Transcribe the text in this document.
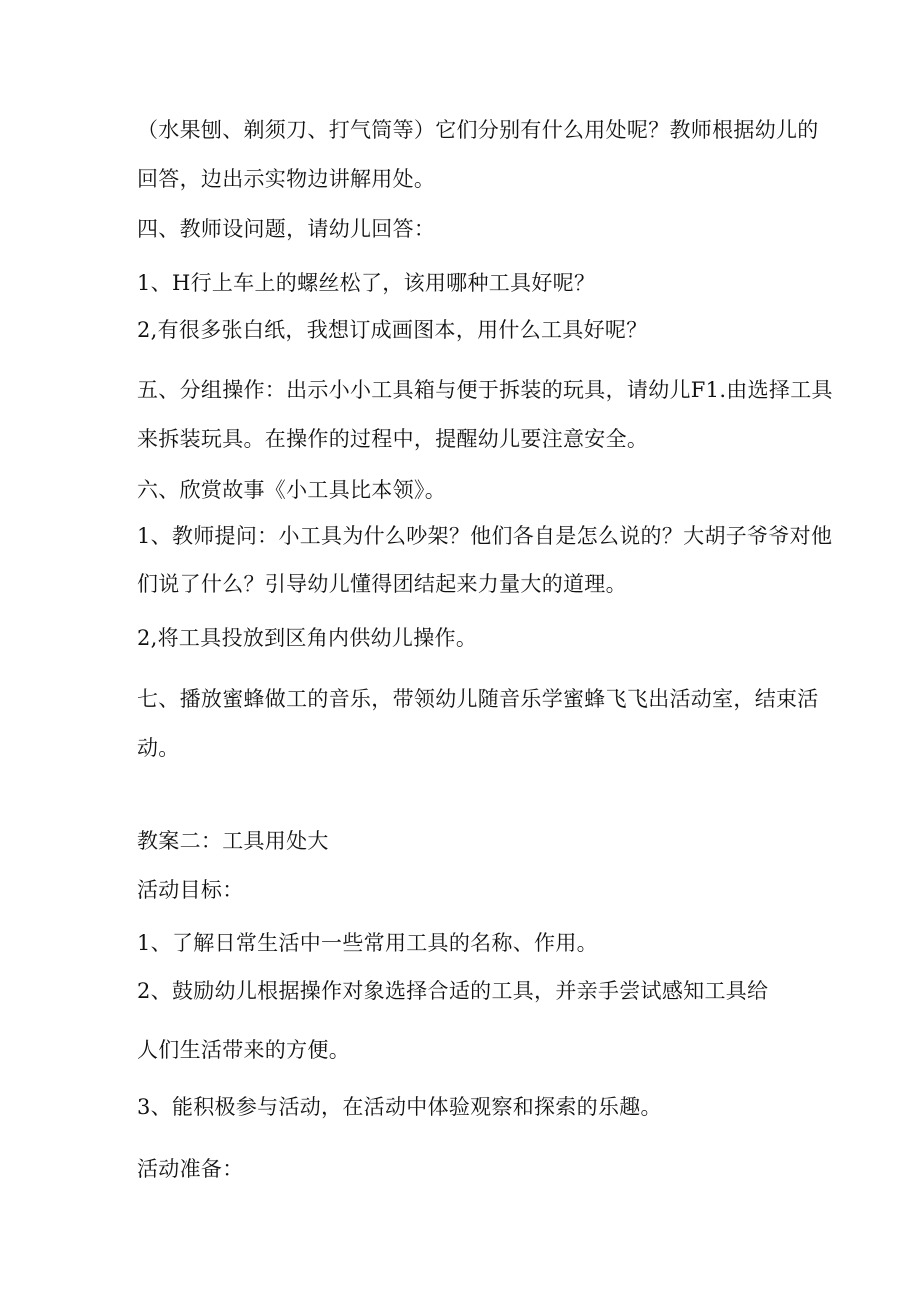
（水果刨、剃须刀、打气筒等）它们分别有什么用处呢？教师根据幼儿的
回答，边出示实物边讲解用处。
四、教师设问题，请幼儿回答：
1、H行上车上的螺丝松了，该用哪种工具好呢？
2,有很多张白纸，我想订成画图本，用什么工具好呢？
五、分组操作：出示小小工具箱与便于拆装的玩具，请幼儿F1.由选择工具
来拆装玩具。在操作的过程中，提醒幼儿要注意安全。
六、欣赏故事《小工具比本领》。
1、教师提问：小工具为什么吵架？他们各自是怎么说的？大胡子爷爷对他
们说了什么？引导幼儿懂得团结起来力量大的道理。
2,将工具投放到区角内供幼儿操作。
七、播放蜜蜂做工的音乐，带领幼儿随音乐学蜜蜂飞飞出活动室，结束活
动。
教案二：工具用处大
活动目标：
1、了解日常生活中一些常用工具的名称、作用。
2、鼓励幼儿根据操作对象选择合适的工具，并亲手尝试感知工具给
人们生活带来的方便。
3、能积极参与活动，在活动中体验观察和探索的乐趣。
活动准备：
